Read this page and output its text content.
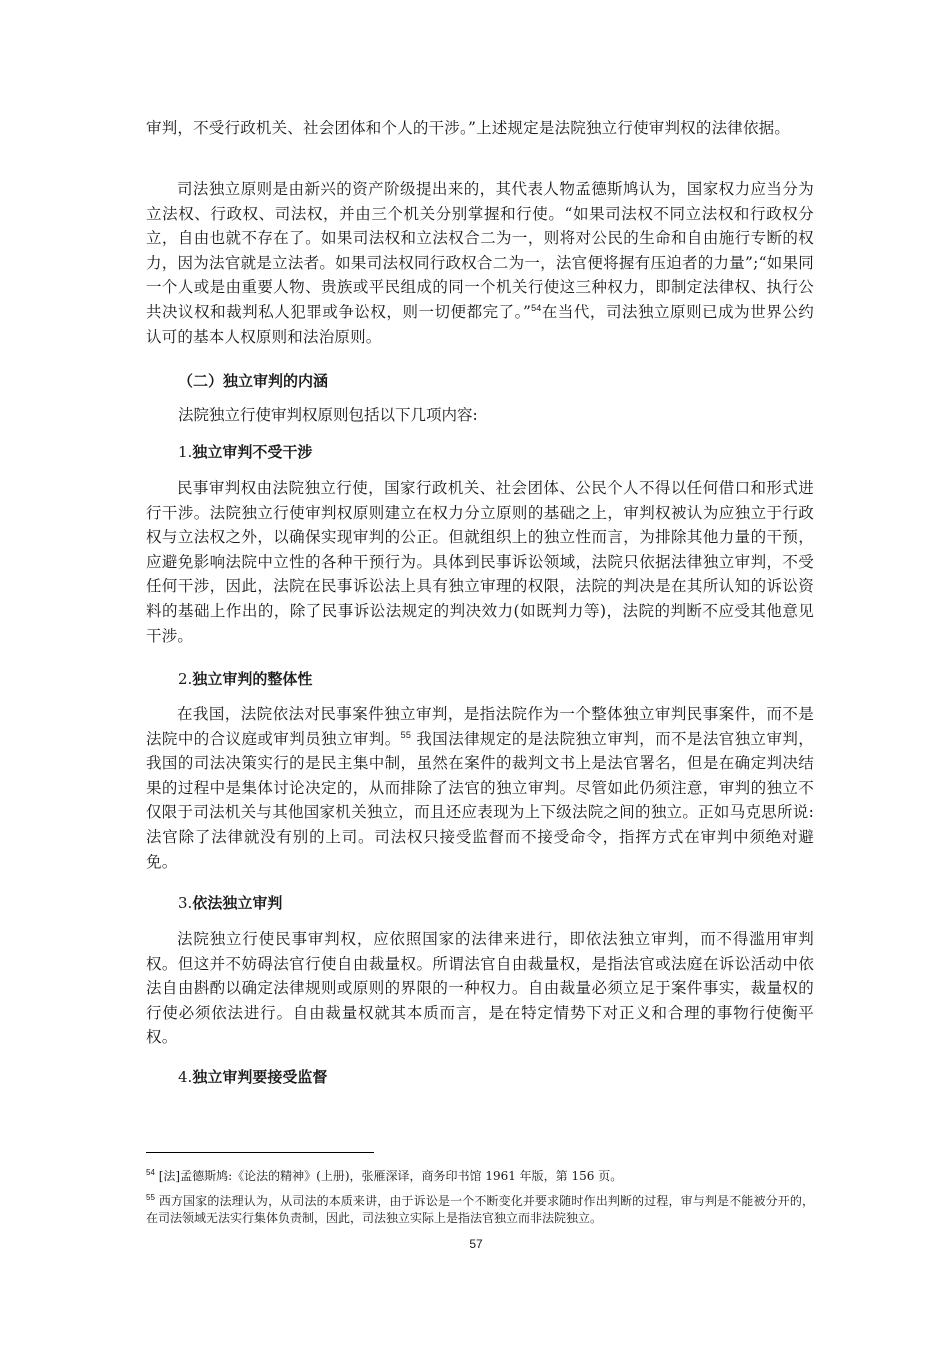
审判，不受行政机关、社会团体和个人的干涉。”上述规定是法院独立行使审判权的法律依据。

司法独立原则是由新兴的资产阶级提出来的，其代表人物孟德斯鸠认为，国家权力应当分为立法权、行政权、司法权，并由三个机关分别掌握和行使。“如果司法权不同立法权和行政权分立，自由也就不存在了。如果司法权和立法权合二为一，则将对公民的生命和自由施行专断的权力，因为法官就是立法者。如果司法权同行政权合二为一，法官便将握有压迫者的力量”;“如果同一个人或是由重要人物、贵族或平民组成的同一个机关行使这三种权力，即制定法律权、执行公共决议权和裁判私人犯罪或争讼权，则一切便都完了。”$^{54}$在当代，司法独立原则已成为世界公约认可的基本人权原则和法治原则。

（二）独立审判的内涵
法院独立行使审判权原则包括以下几项内容:
1.独立审判不受干涉

民事审判权由法院独立行使，国家行政机关、社会团体、公民个人不得以任何借口和形式进行干涉。法院独立行使审判权原则建立在权力分立原则的基础之上，审判权被认为应独立于行政权与立法权之外，以确保实现审判的公正。但就组织上的独立性而言，为排除其他力量的干预，应避免影响法院中立性的各种干预行为。具体到民事诉讼领域，法院只依据法律独立审判，不受任何干涉，因此，法院在民事诉讼法上具有独立审理的权限，法院的判决是在其所认知的诉讼资料的基础上作出的，除了民事诉讼法规定的判决效力(如既判力等)，法院的判断不应受其他意见干涉。

2.独立审判的整体性

在我国，法院依法对民事案件独立审判，是指法院作为一个整体独立审判民事案件，而不是法院中的合议庭或审判员独立审判。$^{55}$ 我国法律规定的是法院独立审判，而不是法官独立审判，我国的司法决策实行的是民主集中制，虽然在案件的裁判文书上是法官署名，但是在确定判决结果的过程中是集体讨论决定的，从而排除了法官的独立审判。尽管如此仍须注意，审判的独立不仅限于司法机关与其他国家机关独立，而且还应表现为上下级法院之间的独立。正如马克思所说:法官除了法律就没有别的上司。司法权只接受监督而不接受命令，指挥方式在审判中须绝对避免。

3.依法独立审判

法院独立行使民事审判权，应依照国家的法律来进行，即依法独立审判，而不得滥用审判权。但这并不妨碍法官行使自由裁量权。所谓法官自由裁量权，是指法官或法庭在诉讼活动中依法自由斟酌以确定法律规则或原则的界限的一种权力。自由裁量必须立足于案件事实，裁量权的行使必须依法进行。自由裁量权就其本质而言，是在特定情势下对正义和合理的事物行使衡平权。

4.独立审判要接受监督
$^{54}$ [法]孟德斯鸠:《论法的精神》(上册)，张雁深译，商务印书馆 1961 年版，第 156 页。
$^{55}$ 西方国家的法理认为，从司法的本质来讲，由于诉讼是一个不断变化并要求随时作出判断的过程，审与判是不能被分开的，在司法领域无法实行集体负责制，因此，司法独立实际上是指法官独立而非法院独立。
57
